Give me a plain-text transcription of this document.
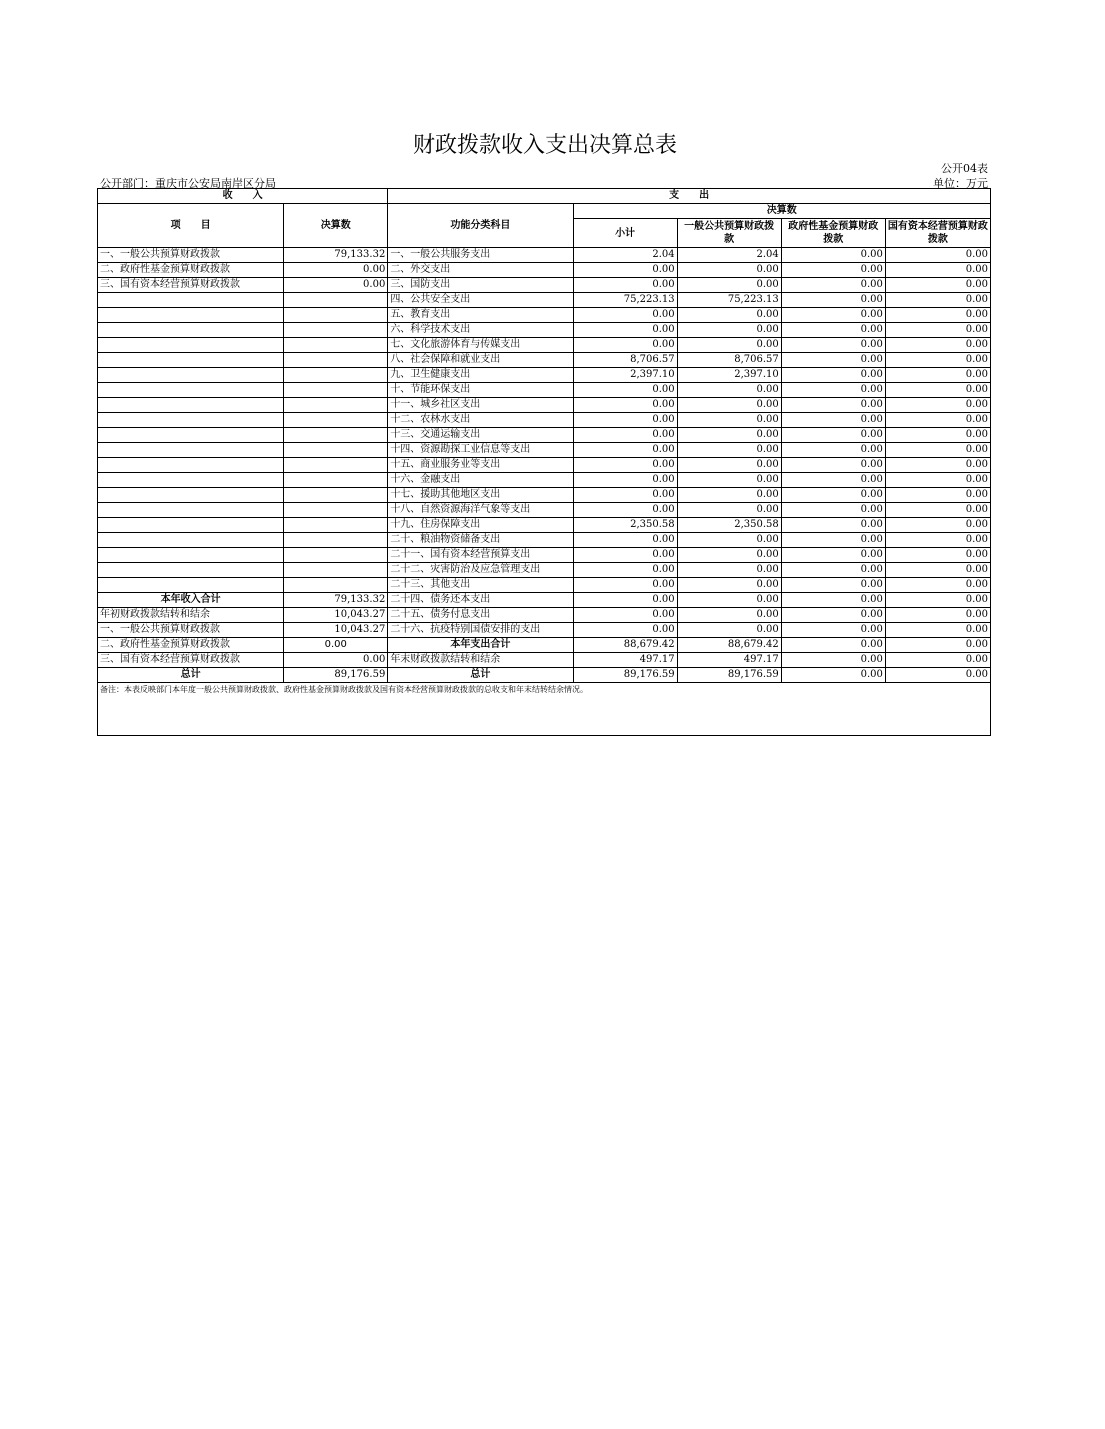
财政拨款收入支出决算总表
公开04表
公开部门：重庆市公安局南岸区分局	单位：万元
收　　入		支　　出				
项　　目	决算数	功能分类科目	决算数			
			小计	一般公共预算财政拨款	政府性基金预算财政拨款	国有资本经营预算财政拨款
一、一般公共预算财政拨款	79,133.32	一、一般公共服务支出	2.04	2.04	0.00	0.00
二、政府性基金预算财政拨款	0.00	二、外交支出	0.00	0.00	0.00	0.00
三、国有资本经营预算财政拨款	0.00	三、国防支出	0.00	0.00	0.00	0.00
		四、公共安全支出	75,223.13	75,223.13	0.00	0.00
		五、教育支出	0.00	0.00	0.00	0.00
		六、科学技术支出	0.00	0.00	0.00	0.00
		七、文化旅游体育与传媒支出	0.00	0.00	0.00	0.00
		八、社会保障和就业支出	8,706.57	8,706.57	0.00	0.00
		九、卫生健康支出	2,397.10	2,397.10	0.00	0.00
		十、节能环保支出	0.00	0.00	0.00	0.00
		十一、城乡社区支出	0.00	0.00	0.00	0.00
		十二、农林水支出	0.00	0.00	0.00	0.00
		十三、交通运输支出	0.00	0.00	0.00	0.00
		十四、资源勘探工业信息等支出	0.00	0.00	0.00	0.00
		十五、商业服务业等支出	0.00	0.00	0.00	0.00
		十六、金融支出	0.00	0.00	0.00	0.00
		十七、援助其他地区支出	0.00	0.00	0.00	0.00
		十八、自然资源海洋气象等支出	0.00	0.00	0.00	0.00
		十九、住房保障支出	2,350.58	2,350.58	0.00	0.00
		二十、粮油物资储备支出	0.00	0.00	0.00	0.00
		二十一、国有资本经营预算支出	0.00	0.00	0.00	0.00
		二十二、灾害防治及应急管理支出	0.00	0.00	0.00	0.00
		二十三、其他支出	0.00	0.00	0.00	0.00
本年收入合计	79,133.32	二十四、债务还本支出	0.00	0.00	0.00	0.00
年初财政拨款结转和结余	10,043.27	二十五、债务付息支出	0.00	0.00	0.00	0.00
一、一般公共预算财政拨款	10,043.27	二十六、抗疫特别国债安排的支出	0.00	0.00	0.00	0.00
二、政府性基金预算财政拨款	0.00	本年支出合计	88,679.42	88,679.42	0.00	0.00
三、国有资本经营预算财政拨款	0.00	年末财政拨款结转和结余	497.17	497.17	0.00	0.00
总计	89,176.59	总计	89,176.59	89,176.59	0.00	0.00
备注：本表反映部门本年度一般公共预算财政拨款、政府性基金预算财政拨款及国有资本经营预算财政拨款的总收支和年末结转结余情况。						
